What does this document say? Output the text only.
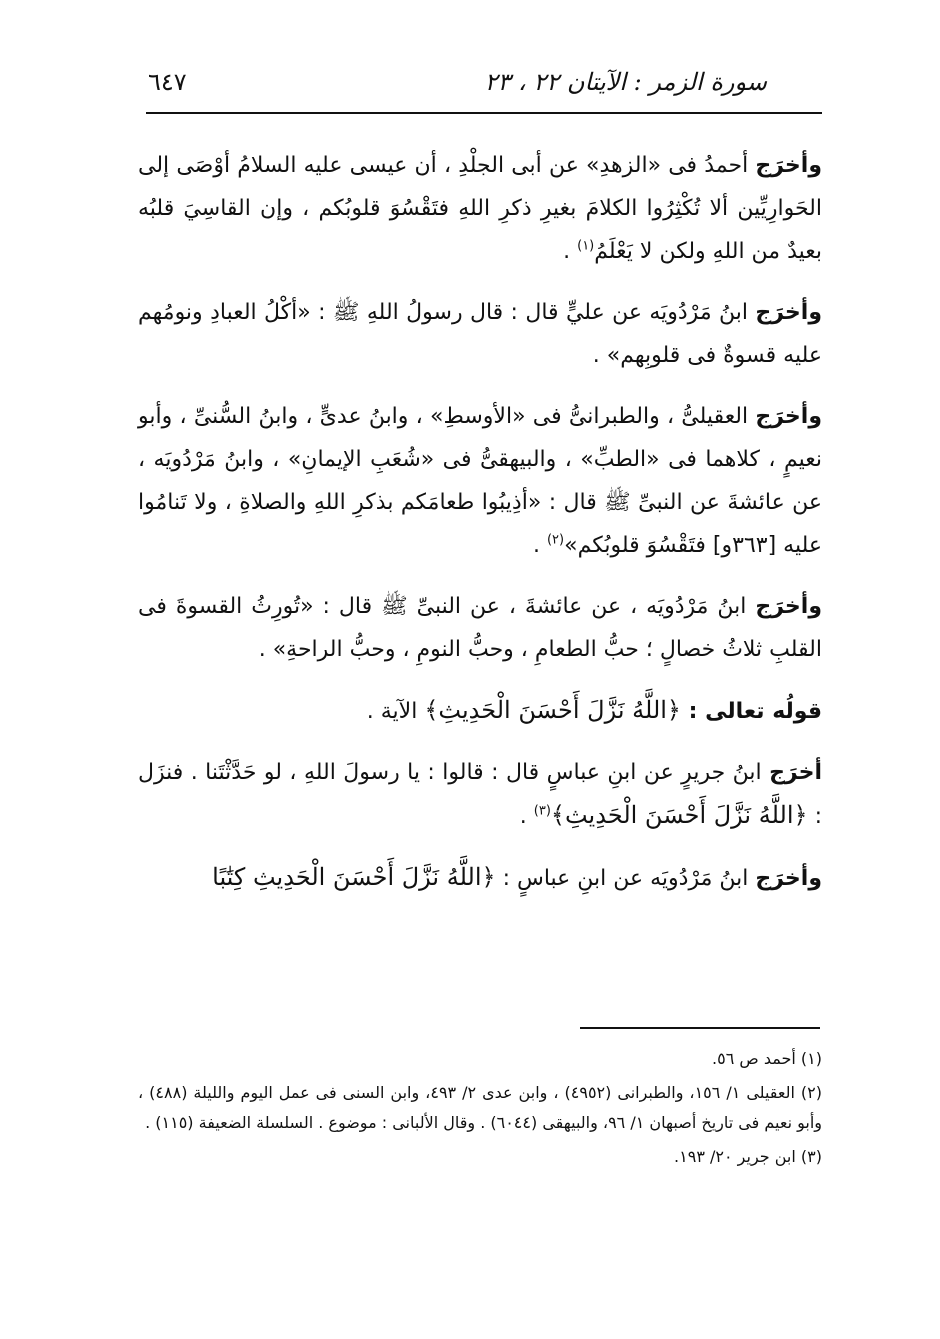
٦٤٧	سورة الزمر : الآيتان ٢٢ ، ٢٣

وأخرَج أحمدُ فى «الزهدِ» عن أبى الجلْدِ ، أن عيسى عليه السلامُ أوْصَى إلى الحَوارِيِّين ألا تُكْثِرُوا الكلامَ بغيرِ ذكرِ اللهِ فتَقْسُوَ قلوبُكم ، وإن القاسِيَ قلبُه بعيدٌ من اللهِ ولكن لا يَعْلَمُ$^{(١)}$ .

وأخرَج ابنُ مَرْدُويَه عن عليٍّ قال : قال رسولُ اللهِ ﷺ : «أكْلُ العبادِ ونومُهم عليه قسوةٌ فى قلوبِهم» .

وأخرَج العقيلىُّ ، والطبرانىُّ فى «الأوسطِ» ، وابنُ عدىٍّ ، وابنُ السُّنىِّ ، وأبو نعيمٍ ، كلاهما فى «الطبِّ» ، والبيهقىُّ فى «شُعَبِ الإيمانِ» ، وابنُ مَرْدُويَه ، عن عائشةَ عن النبىِّ ﷺ قال : «أذِيبُوا طعامَكم بذكرِ اللهِ والصلاةِ ، ولا تَنامُوا عليه [٣٦٣و] فتَقْسُوَ قلوبُكم»$^{(٢)}$ .

وأخرَج ابنُ مَرْدُويَه ، عن عائشةَ ، عن النبىِّ ﷺ قال : «تُورِثُ القسوةَ فى القلبِ ثلاثُ خصالٍ ؛ حبُّ الطعامِ ، وحبُّ النومِ ، وحبُّ الراحةِ» .

قولُه تعالى : ﴿اللَّهُ نَزَّلَ أَحْسَنَ الْحَدِيثِ﴾ الآية .

أخرَج ابنُ جريرٍ عن ابنِ عباسٍ قال : قالوا : يا رسولَ اللهِ ، لو حَدَّثْتَنا . فنزَل : ﴿اللَّهُ نَزَّلَ أَحْسَنَ الْحَدِيثِ﴾$^{(٣)}$ .

وأخرَج ابنُ مَرْدُويَه عن ابنِ عباسٍ : ﴿اللَّهُ نَزَّلَ أَحْسَنَ الْحَدِيثِ كِتَٰبًا

(١) أحمد ص ٥٦.

(٢) العقيلى ١/ ١٥٦، والطبرانى (٤٩٥٢) ، وابن عدى ٢/ ٤٩٣، وابن السنى فى عمل اليوم والليلة (٤٨٨) ، وأبو نعيم فى تاريخ أصبهان ١/ ٩٦، والبيهقى (٦٠٤٤) . وقال الألبانى : موضوع . السلسلة الضعيفة (١١٥) .

(٣) ابن جرير ٢٠/ ١٩٣.
